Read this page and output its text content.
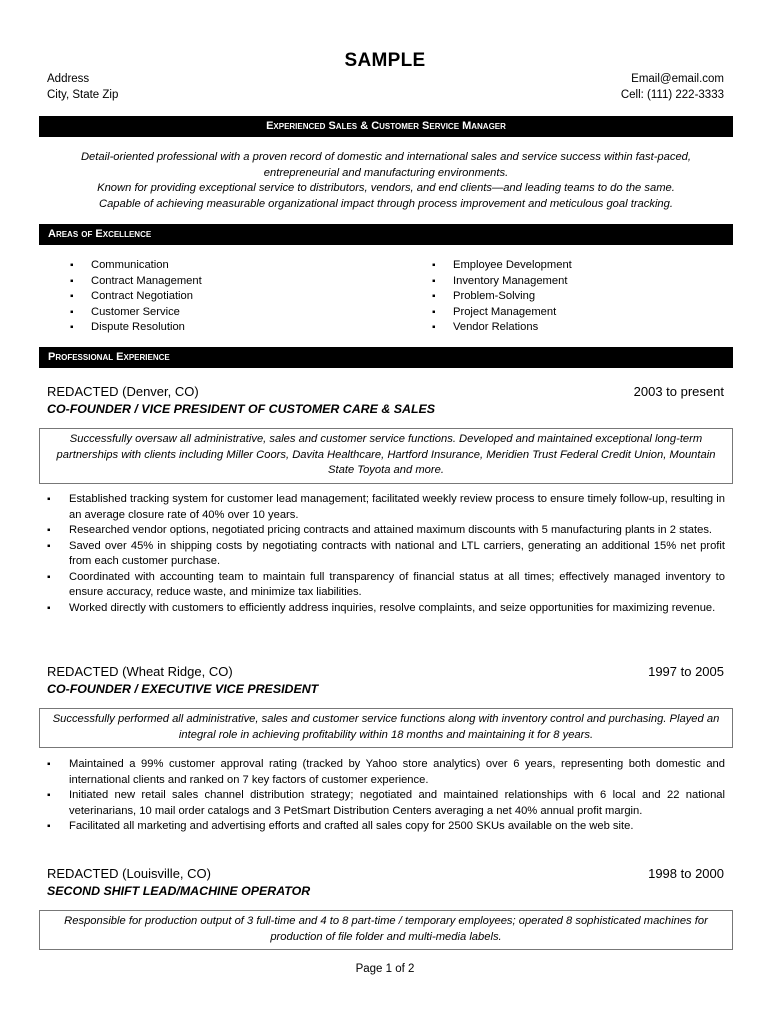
SAMPLE
Address
City, State Zip
Email@email.com
Cell: (111) 222-3333
Experienced Sales & Customer Service Manager
Detail-oriented professional with a proven record of domestic and international sales and service success within fast-paced, entrepreneurial and manufacturing environments.
Known for providing exceptional service to distributors, vendors, and end clients—and leading teams to do the same.
Capable of achieving measurable organizational impact through process improvement and meticulous goal tracking.
Areas of Excellence
▪ Communication
▪ Contract Management
▪ Contract Negotiation
▪ Customer Service
▪ Dispute Resolution
▪ Employee Development
▪ Inventory Management
▪ Problem-Solving
▪ Project Management
▪ Vendor Relations
Professional Experience
REDACTED (Denver, CO)	2003 to present
CO-FOUNDER / VICE PRESIDENT OF CUSTOMER CARE & SALES
Successfully oversaw all administrative, sales and customer service functions. Developed and maintained exceptional long-term partnerships with clients including Miller Coors, Davita Healthcare, Hartford Insurance, Meridien Trust Federal Credit Union, Mountain State Toyota and more.
▪ Established tracking system for customer lead management; facilitated weekly review process to ensure timely follow-up, resulting in an average closure rate of 40% over 10 years.
▪ Researched vendor options, negotiated pricing contracts and attained maximum discounts with 5 manufacturing plants in 2 states.
▪ Saved over 45% in shipping costs by negotiating contracts with national and LTL carriers, generating an additional 15% net profit from each customer purchase.
▪ Coordinated with accounting team to maintain full transparency of financial status at all times; effectively managed inventory to ensure accuracy, reduce waste, and minimize tax liabilities.
▪ Worked directly with customers to efficiently address inquiries, resolve complaints, and seize opportunities for maximizing revenue.
REDACTED (Wheat Ridge, CO)	1997 to 2005
CO-FOUNDER / EXECUTIVE VICE PRESIDENT
Successfully performed all administrative, sales and customer service functions along with inventory control and purchasing. Played an integral role in achieving profitability within 18 months and maintaining it for 8 years.
▪ Maintained a 99% customer approval rating (tracked by Yahoo store analytics) over 6 years, representing both domestic and international clients and ranked on 7 key factors of customer experience.
▪ Initiated new retail sales channel distribution strategy; negotiated and maintained relationships with 6 local and 22 national veterinarians, 10 mail order catalogs and 3 PetSmart Distribution Centers averaging a net 40% annual profit margin.
▪ Facilitated all marketing and advertising efforts and crafted all sales copy for 2500 SKUs available on the web site.
REDACTED (Louisville, CO)	1998 to 2000
SECOND SHIFT LEAD/MACHINE OPERATOR
Responsible for production output of 3 full-time and 4 to 8 part-time / temporary employees; operated 8 sophisticated machines for production of file folder and multi-media labels.
Page 1 of 2
